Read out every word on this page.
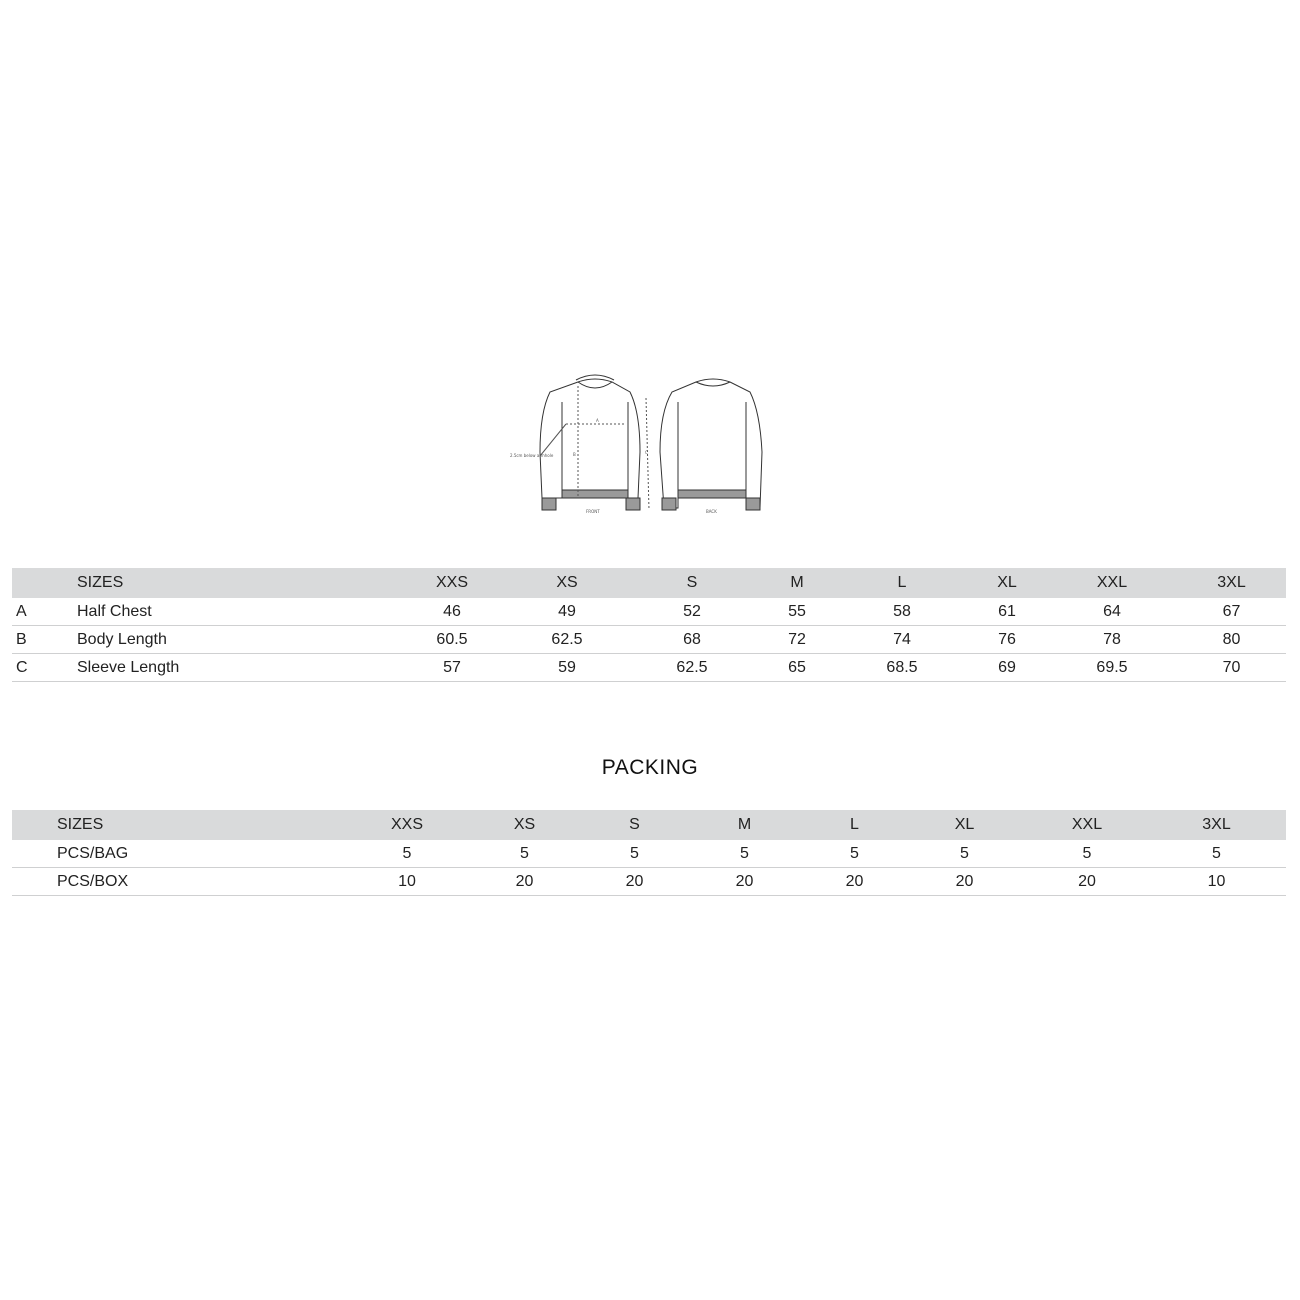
A
B	C
2.5cm below armhole
FRONT	BACK
	SIZES	XXS	XS	S	M	L	XL	XXL	3XL
A	Half Chest	46	49	52	55	58	61	64	67
B	Body Length	60.5	62.5	68	72	74	76	78	80
C	Sleeve Length	57	59	62.5	65	68.5	69	69.5	70
PACKING
SIZES	XXS	XS	S	M	L	XL	XXL	3XL
PCS/BAG	5	5	5	5	5	5	5	5
PCS/BOX	10	20	20	20	20	20	20	10
